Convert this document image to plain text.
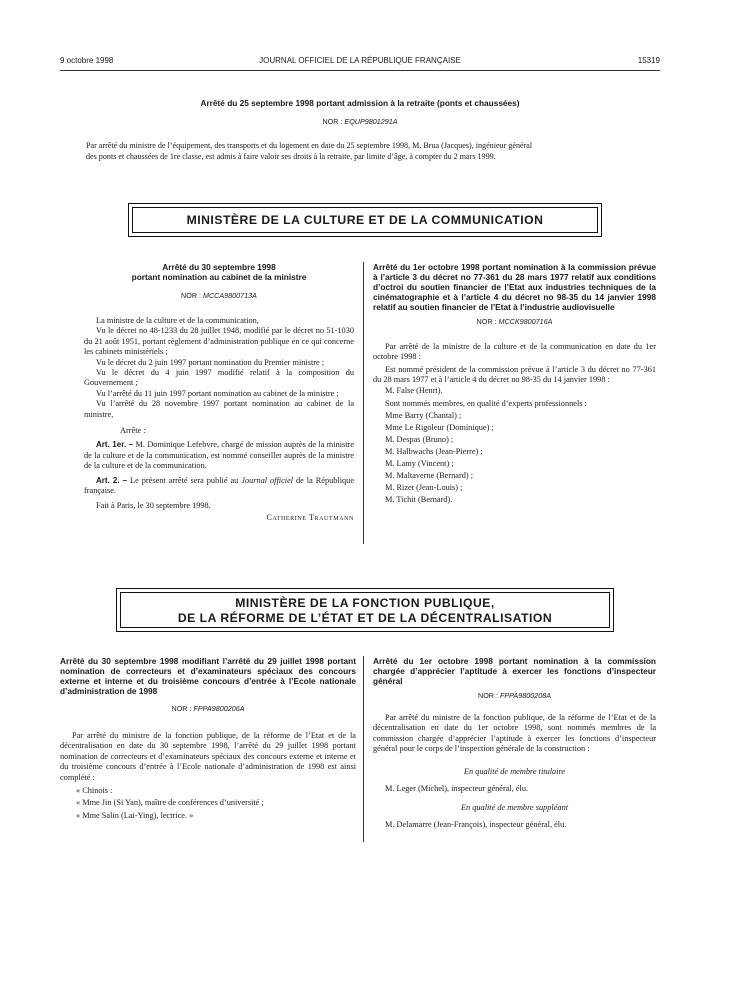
9 octobre 1998	JOURNAL OFFICIEL DE LA RÉPUBLIQUE FRANÇAISE	15319
Arrêté du 25 septembre 1998 portant admission à la retraite (ponts et chaussées)
NOR : EQUP9801291A
Par arrêté du ministre de l’équipement, des transports et du logement en date du 25 septembre 1998, M. Brua (Jacques), ingénieur général
des ponts et chaussées de 1re classe, est admis à faire valoir ses droits à la retraite, par limite d’âge, à compter du 2 mars 1999.
MINISTÈRE DE LA CULTURE ET DE LA COMMUNICATION
Arrêté du 30 septembre 1998
portant nomination au cabinet de la ministre
NOR : MCCA9800713A

La ministre de la culture et de la communication,

Vu le décret no 48-1233 du 28 juillet 1948, modifié par le décret no 51-1030 du 21 août 1951, portant règlement d’administration publique en ce qui concerne les cabinets ministériels ;

Vu le décret du 2 juin 1997 portant nomination du Premier ministre ;

Vu le décret du 4 juin 1997 modifié relatif à la composition du Gouvernement ;

Vu l’arrêté du 11 juin 1997 portant nomination au cabinet de la ministre ;

Vu l’arrêté du 28 novembre 1997 portant nomination au cabinet de la ministre,

Arrête :

Art. 1er. – M. Dominique Lefebvre, chargé de mission auprès de la ministre de la culture et de la communication, est nommé conseiller auprès de la ministre de la culture et de la communication.

Art. 2. – Le présent arrêté sera publié au Journal officiel de la République française.

Fait à Paris, le 30 septembre 1998.

Catherine Trautmann
Arrêté du 1er octobre 1998 portant nomination à la commission prévue à l’article 3 du décret no 77-361 du 28 mars 1977 relatif aux conditions d’octroi du soutien financier de l’Etat aux industries techniques de la cinématographie et à l’article 4 du décret no 98-35 du 14 janvier 1998 relatif au soutien financier de l’Etat à l’industrie audiovisuelle
NOR : MCCK9800716A

Par arrêté de la ministre de la culture et de la communication en date du 1er octobre 1998 :

Est nommé président de la commission prévue à l’article 3 du décret no 77-361 du 28 mars 1977 et à l’article 4 du décret no 98-35 du 14 janvier 1998 :

M. False (Henri).

Sont nommés membres, en qualité d’experts professionnels :

Mme Barry (Chantal) ;

Mme Le Rigoleur (Dominique) ;

M. Despas (Bruno) ;

M. Halbwachs (Jean-Pierre) ;

M. Lamy (Vincent) ;

M. Maltaverne (Bernard) ;

M. Rizet (Jean-Louis) ;

M. Tichit (Bernard).

MINISTÈRE DE LA FONCTION PUBLIQUE,
DE LA RÉFORME DE L’ÉTAT ET DE LA DÉCENTRALISATION
Arrêté du 30 septembre 1998 modifiant l’arrêté du 29 juillet 1998 portant nomination de correcteurs et d’examinateurs spéciaux des concours externe et interne et du troisième concours d’entrée à l’Ecole nationale d’administration de 1998
NOR : FPPA9800206A

Par arrêté du ministre de la fonction publique, de la réforme de l’Etat et de la décentralisation en date du 30 septembre 1998, l’arrêté du 29 juillet 1998 portant nomination de correcteurs et d’examinateurs spéciaux des concours externe et interne et du troisième concours d’entrée à l’Ecole nationale d’administration de 1998 est ainsi complété :

« Chinois :

« Mme Jin (Si Yan), maître de conférences d’université ;

« Mme Salin (Lai-Ying), lectrice. »

Arrêté du 1er octobre 1998 portant nomination à la commission chargée d’apprécier l’aptitude à exercer les fonctions d’inspecteur général
NOR : FPPA9800208A

Par arrêté du ministre de la fonction publique, de la réforme de l’Etat et de la décentralisation en date du 1er octobre 1998, sont nommés membres de la commission chargée d’apprécier l’aptitude à exercer les fonctions d’inspecteur général pour le corps de l’inspection générale de la construction :

En qualité de membre titulaire

M. Leger (Michel), inspecteur général, élu.

En qualité de membre suppléant

M. Delamarre (Jean-François), inspecteur général, élu.
